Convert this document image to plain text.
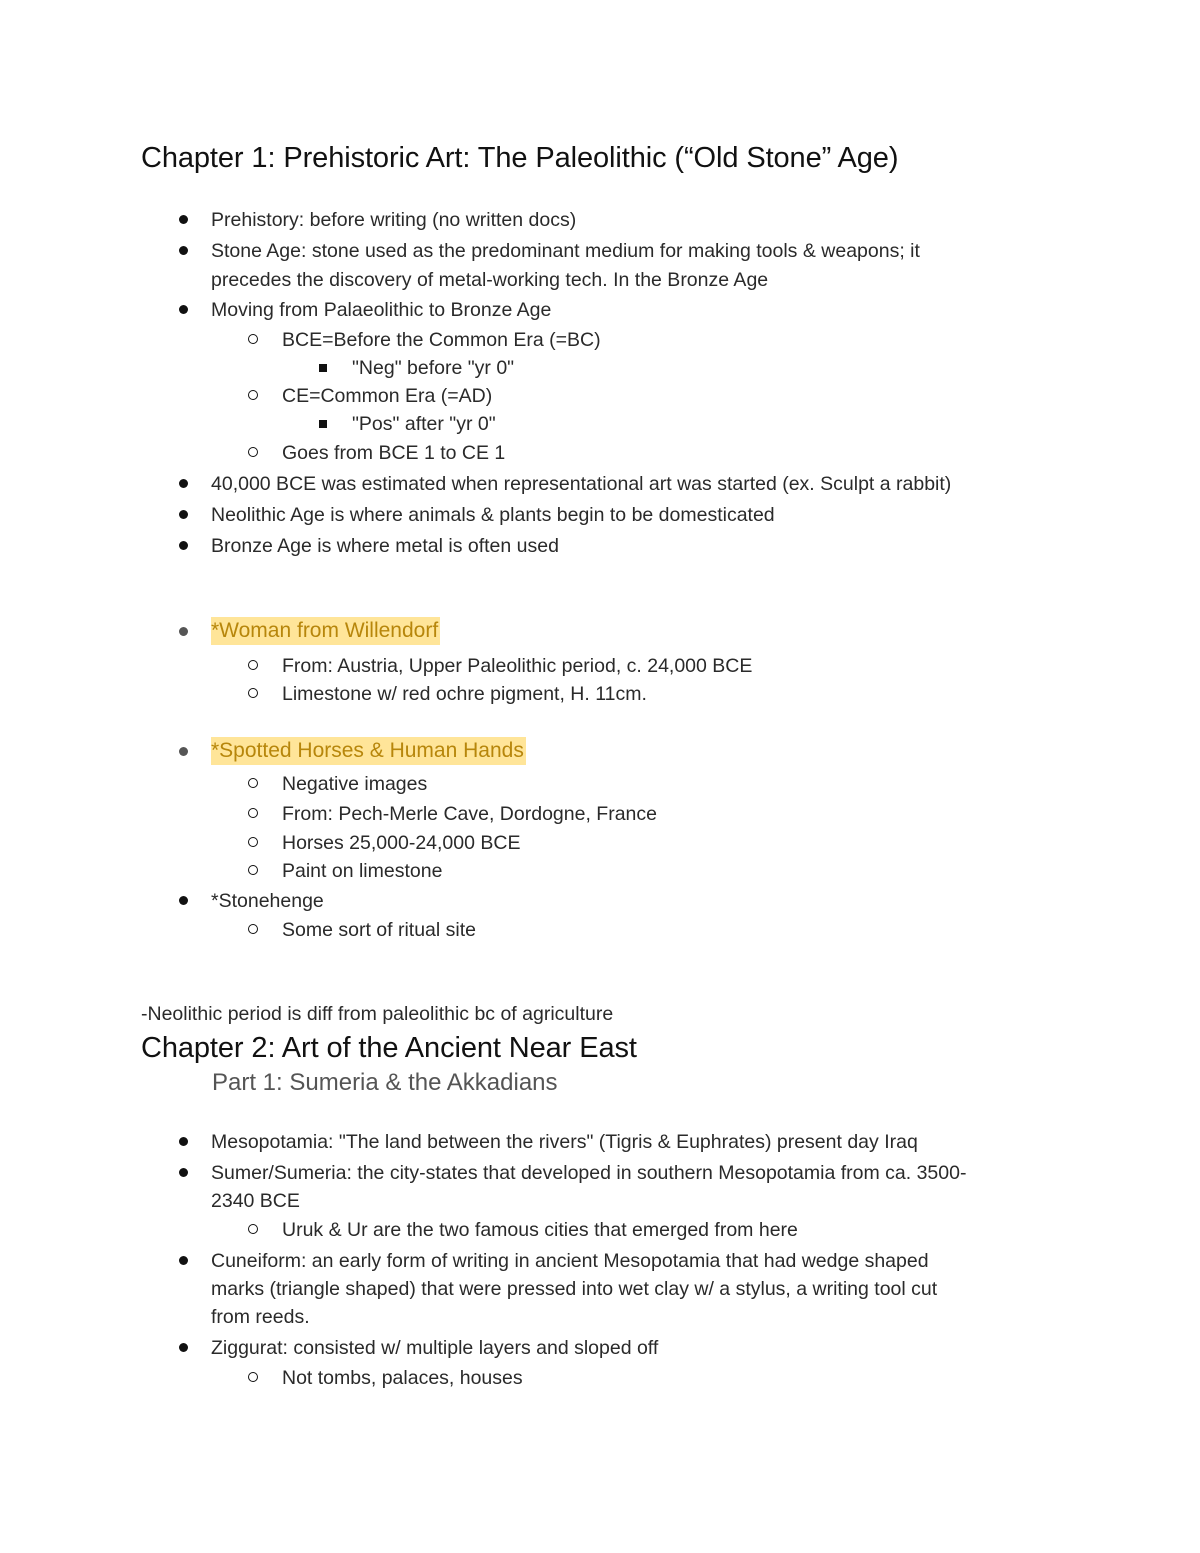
Chapter 1: Prehistoric Art: The Paleolithic (“Old Stone” Age)
Prehistory: before writing (no written docs)
Stone Age: stone used as the predominant medium for making tools & weapons; it
precedes the discovery of metal-working tech. In the Bronze Age
Moving from Palaeolithic to Bronze Age
BCE=Before the Common Era (=BC)
"Neg" before "yr 0"
CE=Common Era (=AD)
"Pos" after "yr 0"
Goes from BCE 1 to CE 1
40,000 BCE was estimated when representational art was started (ex. Sculpt a rabbit)
Neolithic Age is where animals & plants begin to be domesticated
Bronze Age is where metal is often used
*Woman from Willendorf
From: Austria, Upper Paleolithic period, c. 24,000 BCE
Limestone w/ red ochre pigment, H. 11cm.
*Spotted Horses & Human Hands
Negative images
From: Pech-Merle Cave, Dordogne, France
Horses 25,000-24,000 BCE
Paint on limestone
*Stonehenge
Some sort of ritual site
-Neolithic period is diff from paleolithic bc of agriculture
Chapter 2: Art of the Ancient Near East
Part 1: Sumeria & the Akkadians
Mesopotamia: "The land between the rivers" (Tigris & Euphrates) present day Iraq
Sumer/Sumeria: the city-states that developed in southern Mesopotamia from ca. 3500-
2340 BCE
Uruk & Ur are the two famous cities that emerged from here
Cuneiform: an early form of writing in ancient Mesopotamia that had wedge shaped
marks (triangle shaped) that were pressed into wet clay w/ a stylus, a writing tool cut
from reeds.
Ziggurat: consisted w/ multiple layers and sloped off
Not tombs, palaces, houses
